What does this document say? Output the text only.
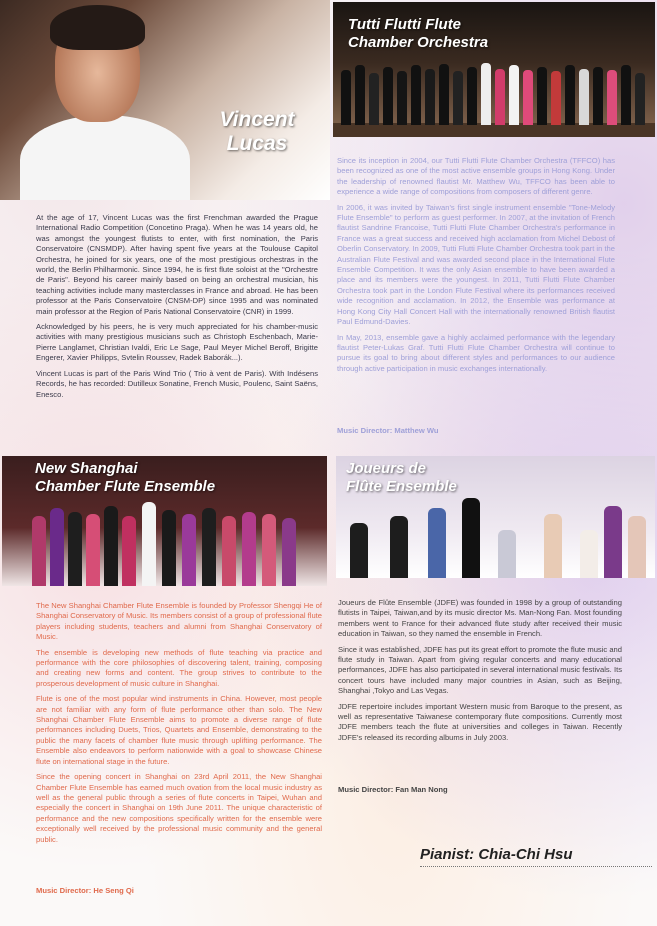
Vincent
Lucas

At the age of 17, Vincent Lucas was the first Frenchman awarded the Prague International Radio Competition (Concetino Praga). When he was 14 years old, he was amongst the youngest flutists to enter, with first nomination, the Paris Conservatoire (CNSMDP). After having spent five years at the Toulouse Capitol Orchestra, he joined for six years, one of the most prestigious orchestras in the world, the Berlin Philharmonic. Since 1994, he is first flute soloist at the "Orchestre de Paris". Beyond his career mainly based on being an orchestral musician, his teaching activities include many masterclasses in France and abroad. He has been professor at the Paris Conservatoire (CNSM-DP) since 1995 and was nominated main professor at the Region of Paris National Conservatoire (CNR) in 1999.

Acknowledged by his peers, he is very much appreciated for his chamber-music activities with many prestigious musicians such as Christoph Eschenbach, Marie-Pierre Langlamet, Christian Ivaldi, Eric Le Sage, Paul Meyer Michel Beroff, Brigitte Engerer, Xavier Philipps, Svtelin Roussev, Radek Baborák...).

Vincent Lucas is part of the Paris Wind Trio ( Trio à vent de Paris). With Indésens Records, he has recorded: Dutilleux Sonatine, French Music, Poulenc, Saint Saëns, Enesco.

Tutti Flutti Flute
Chamber Orchestra

Since its inception in 2004, our Tutti Flutti Flute Chamber Orchestra (TFFCO) has been recognized as one of the most active ensemble groups in Hong Kong. Under the leadership of renowned flautist Mr. Matthew Wu, TFFCO has been able to experience a wide range of compositions from composers of different genre.

In 2006, it was invited by Taiwan's first single instrument ensemble "Tone-Melody Flute Ensemble" to perform as guest performer. In 2007, at the invitation of French flautist Sandrine Francoise, Tutti Flutti Flute Chamber Orchestra's performance in France was a great success and received high acclamation from Michel Debost of Oberlin Conservatory. In 2009, Tutti Flutti Flute Chamber Orchestra took part in the Australian Flute Festival and was awarded second place in the International Flute Ensemble Competition. It was the only Asian ensemble to have been awarded a place and its members were the youngest. In 2011, Tutti Flutti Flute Chamber Orchestra took part in the London Flute Festival where its performances received wide recognition and acclamation. In 2012, the Ensemble was performance at Hong Kong City Hall Concert Hall with the internationally renowned British flautist Paul Edmund-Davies.

In May, 2013, ensemble gave a highly acclaimed performance with the legendary flautist Peter-Lukas Graf. Tutti Flutti Flute Chamber Orchestra will continue to pursue its goal to bring about different styles and performances to our audience through active participation in music exchanges internationally.

Music Director: Matthew Wu
New Shanghai
Chamber Flute Ensemble

The New Shanghai Chamber Flute Ensemble is founded by Professor Shengqi He of Shanghai Conservatory of Music. Its members consist of a group of professional flute players including students, teachers and alumni from Shanghai Conservatory of Music.

The ensemble is developing new methods of flute teaching via practice and performance with the core philosophies of discovering talent, training, composing and creating new forms and content. The group strives to contribute to the prosperous development of music culture in Shanghai.

Flute is one of the most popular wind instruments in China. However, most people are not familiar with any form of flute performance other than solo. The New Shanghai Chamber Flute Ensemble aims to promote a diverse range of flute performances including Duets, Trios, Quartets and Ensemble, demonstrating to the public the many facets of chamber flute music through uplifting performance. The Ensemble also endeavors to perform nationwide with a goal to showcase Chinese flute on international stage in the future.

Since the opening concert in Shanghai on 23rd April 2011, the New Shanghai Chamber Flute Ensemble has earned much ovation from the local music industry as well as the general public through a series of flute concerts in Taipei, Wuhan and especially the concert in Shanghai on 19th June 2011. The unique characteristic of performance and the new compositions specifically written for the ensemble were exceptionally well received by the professional music community and the general public.

Music Director: He Seng Qi
Joueurs de
Flûte Ensemble

Joueurs de Flûte Ensemble (JDFE) was founded in 1998 by a group of outstanding flutists in Taipei, Taiwan,and by its music director Ms. Man-Nong Fan. Most founding members went to France for their advanced flute study after received their music education in Taiwan, so they named the ensemble in French.

Since it was established, JDFE has put its great effort to promote the flute music and flute study in Taiwan. Apart from giving regular concerts and many educational performances, JDFE has also participated in several international music festivals. Its concert tours have included many major countries in Asian, such as Beijing, Shanghai ,Tokyo and Las Vegas.

JDFE repertoire includes important Western music from Baroque to the present, as well as representative Taiwanese contemporary flute compositions. Currently most JDFE members teach the flute at universities and colleges in Taiwan. Recently JDFE's released its recording albums in July 2003.

Music Director: Fan Man Nong
Pianist: Chia-Chi Hsu
